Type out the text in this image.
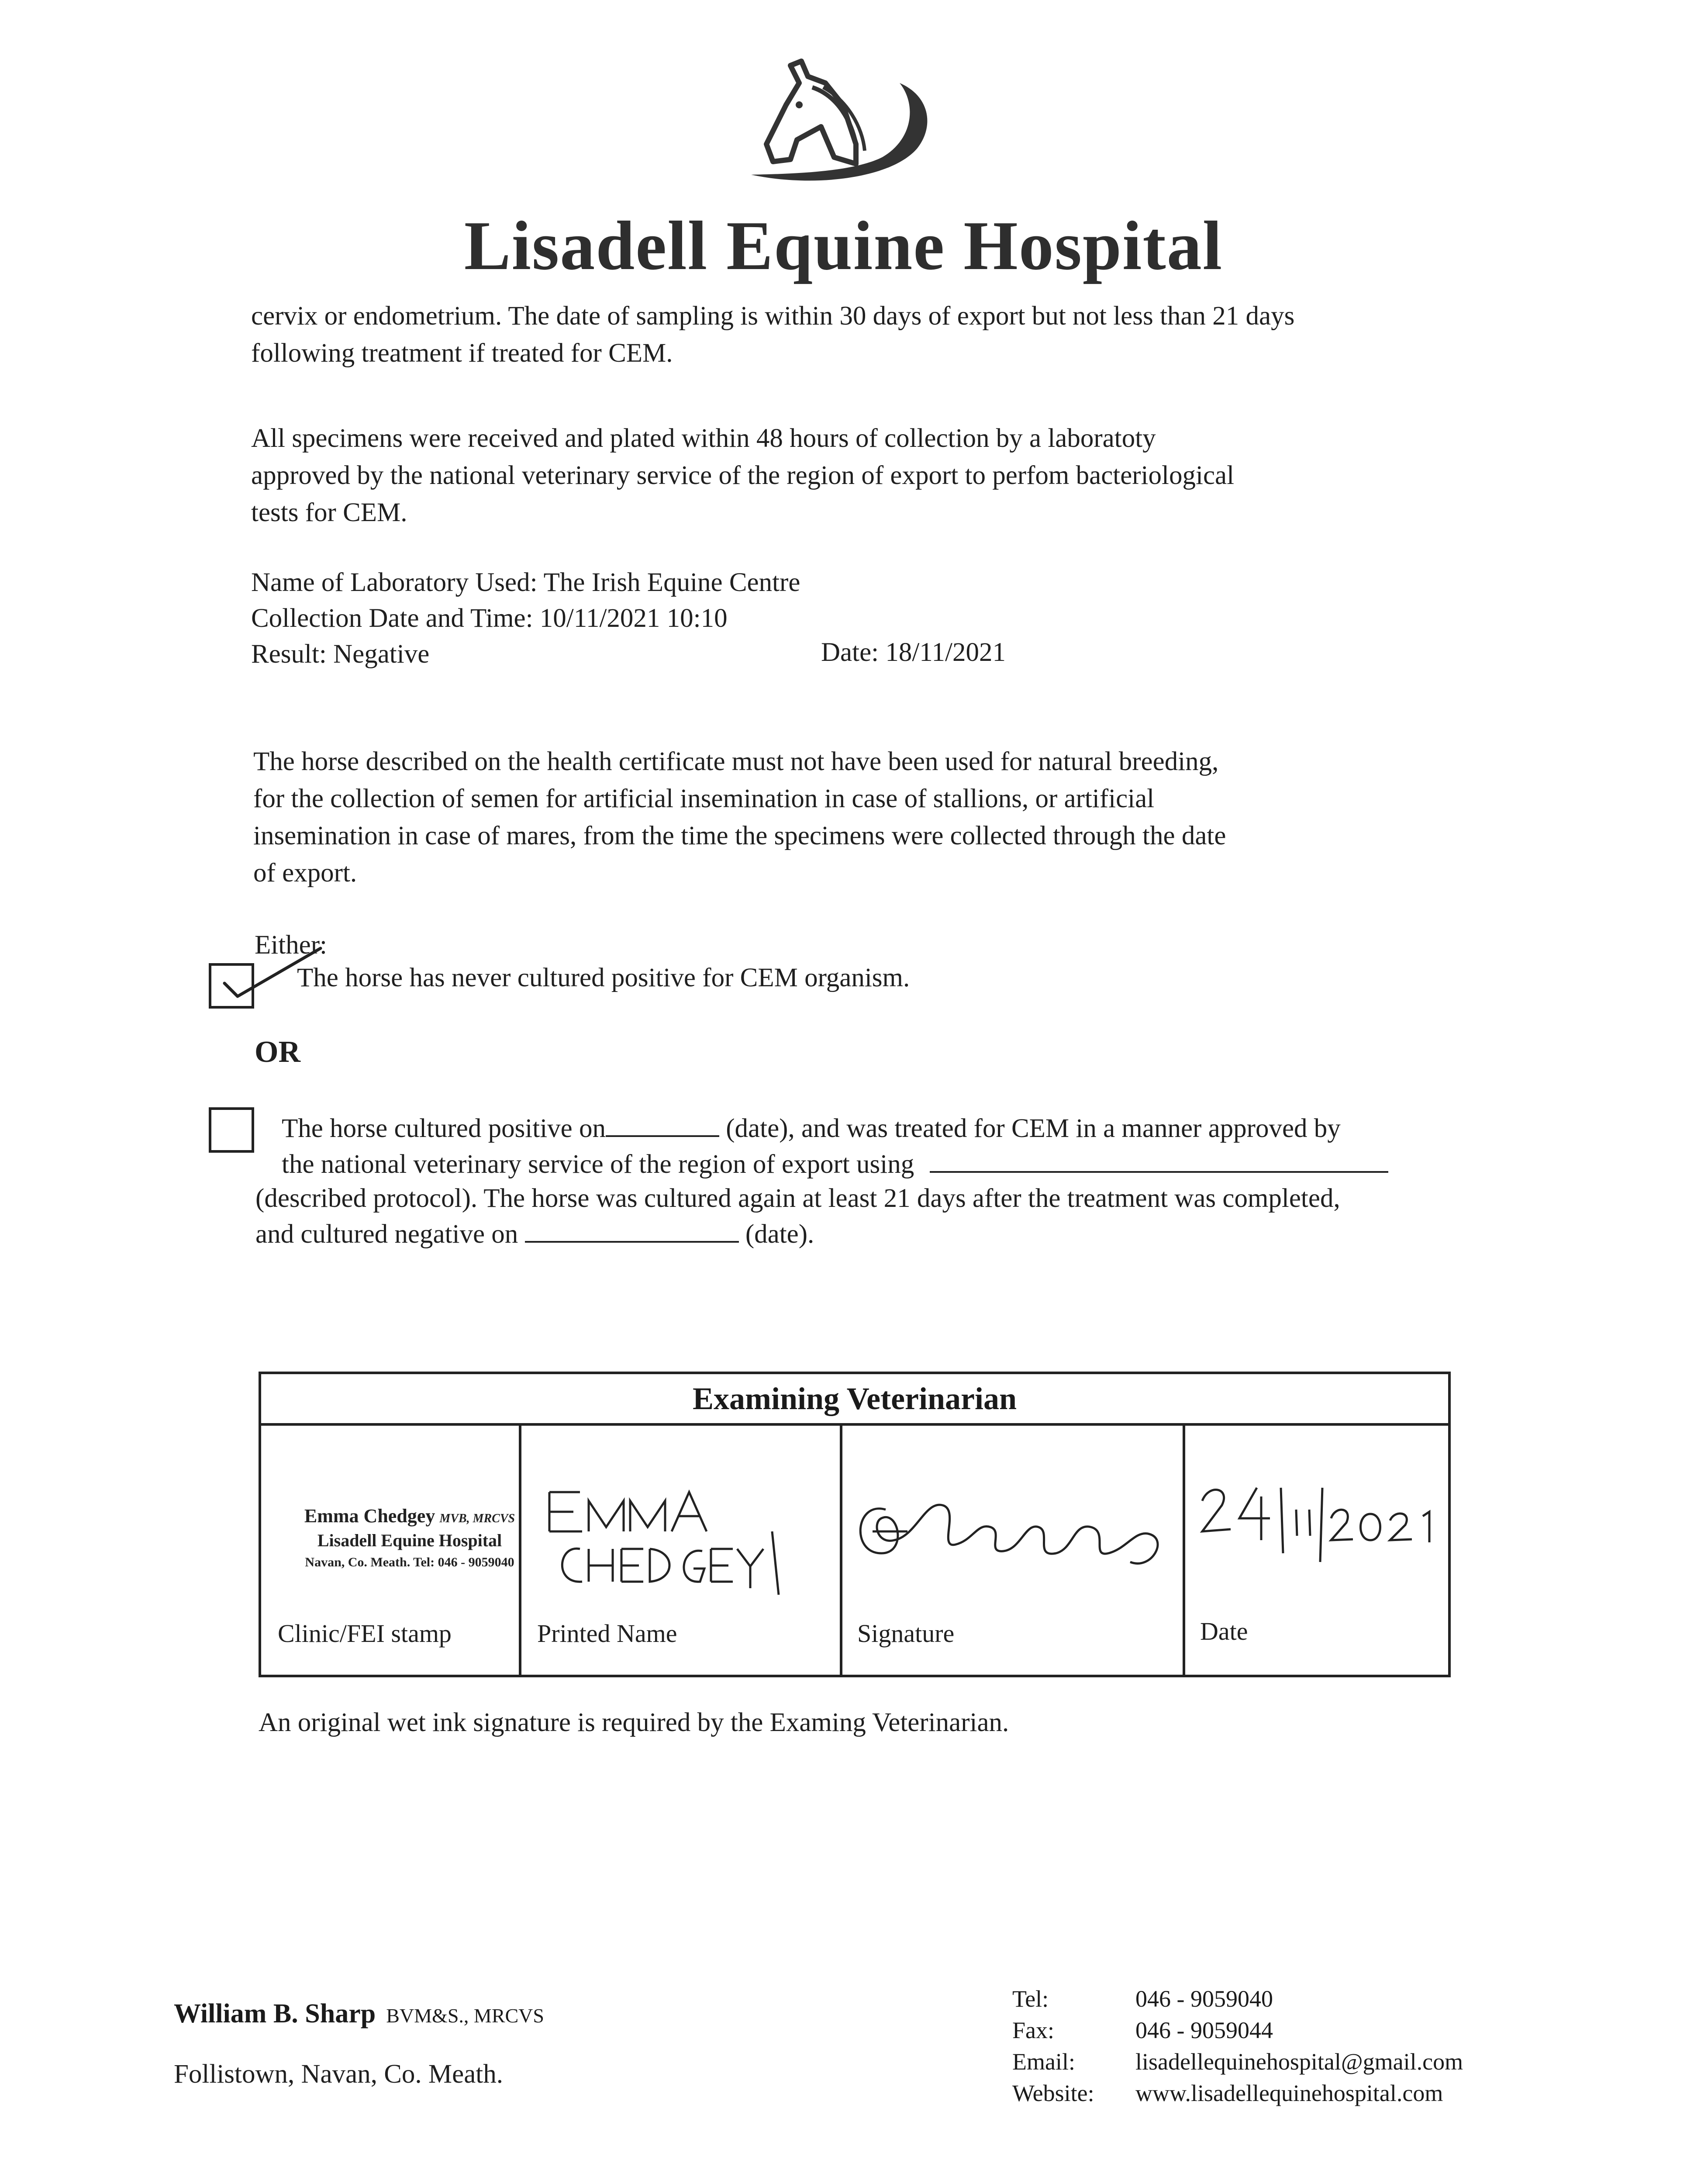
Lisadell Equine Hospital
cervix or endometrium. The date of sampling is within 30 days of export but not less than 21 days
following treatment if treated for CEM.
All specimens were received and plated within 48 hours of collection by a laboratoty
approved by the national veterinary service of the region of export to perfom bacteriological
tests for CEM.
Name of Laboratory Used: The Irish Equine Centre
Collection Date and Time: 10/11/2021 10:10
Result: Negative	Date: 18/11/2021
The horse described on the health certificate must not have been used for natural breeding,
for the collection of semen for artificial insemination in case of stallions, or artificial
insemination in case of mares, from the time the specimens were collected through the date
of export.
Either:
The horse has never cultured positive for CEM organism.
OR
The horse cultured positive on	(date), and was treated for CEM in a manner approved by
the national veterinary service of the region of export using
(described protocol). The horse was cultured again at least 21 days after the treatment was completed,
and cultured negative on	(date).
Examining Veterinarian
Emma Chedgey MVB, MRCVS
Lisadell Equine Hospital
Navan, Co. Meath. Tel: 046 - 9059040
Clinic/FEI stamp	Printed Name	Signature	Date
An original wet ink signature is required by the Examing Veterinarian.
William B. Sharp BVM&S., MRCVS
Follistown, Navan, Co. Meath.
Tel:	046 - 9059040
Fax:	046 - 9059044
Email:	lisadellequinehospital@gmail.com
Website: www.lisadellequinehospital.com
